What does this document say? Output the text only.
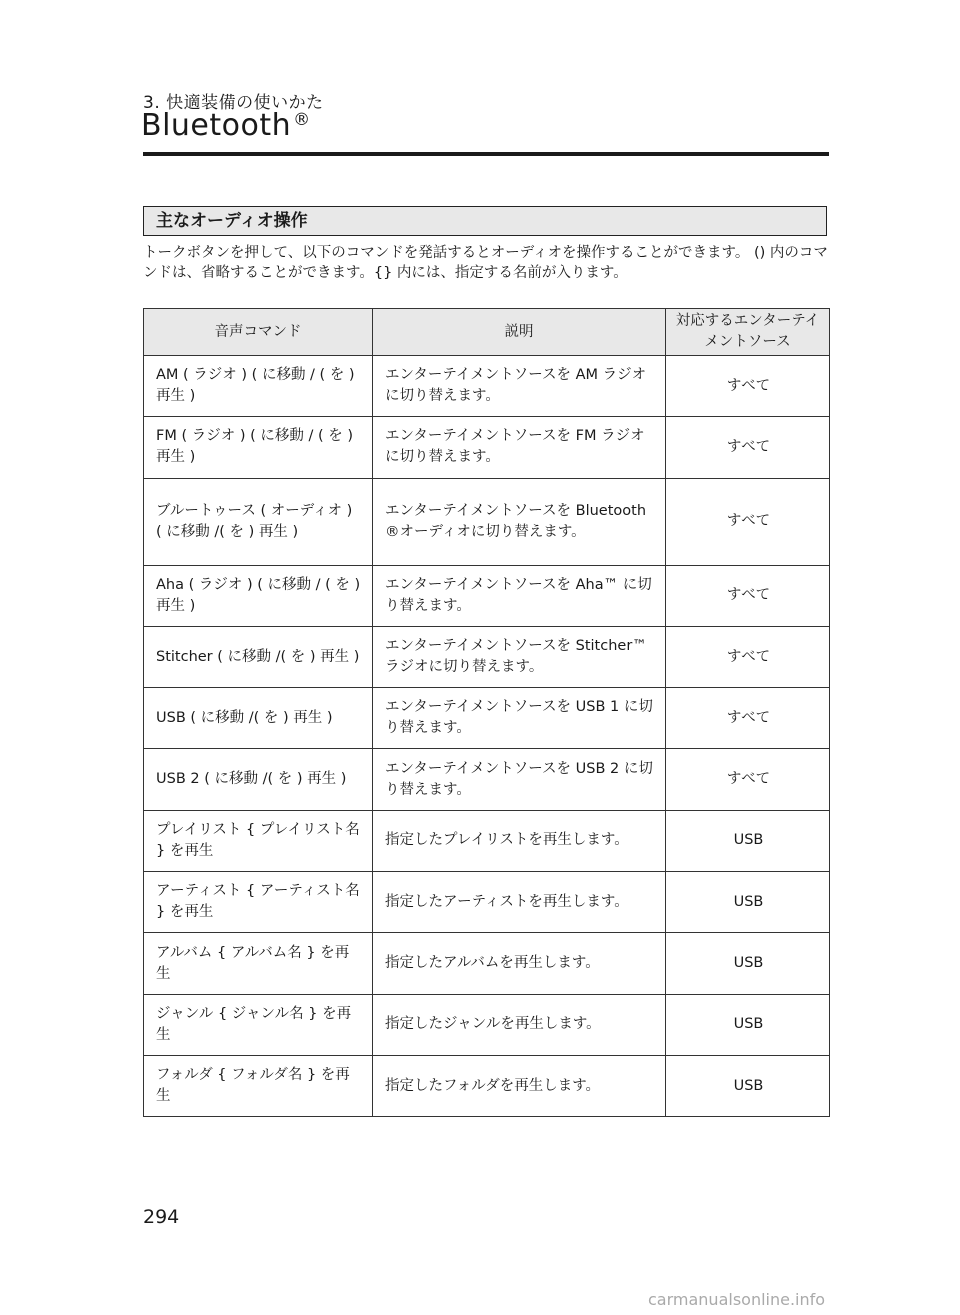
3. 快適装備の使いかた
Bluetooth ®
主なオーディオ操作
トークボタンを押して、以下のコマンドを発話するとオーディオを操作することができます。 () 内のコマンドは、省略することができます。{} 内には、指定する名前が入ります。
音声コマンド	説明	対応するエンターテイメントソース
AM ( ラジオ ) ( に移動 / ( を ) 再生 )	エンターテイメントソースを AM ラジオに切り替えます。	すべて
FM ( ラジオ ) ( に移動 / ( を ) 再生 )	エンターテイメントソースを FM ラジオに切り替えます。	すべて
ブルートゥース ( オーディオ ) ( に移動 /( を ) 再生 )	エンターテイメントソースを Bluetooth®オーディオに切り替えます。	すべて
Aha ( ラジオ ) ( に移動 / ( を ) 再生 )	エンターテイメントソースを Aha™ に切り替えます。	すべて
Stitcher ( に移動 /( を ) 再生 )	エンターテイメントソースを Stitcher™ ラジオに切り替えます。	すべて
USB ( に移動 /( を ) 再生 )	エンターテイメントソースを USB 1 に切り替えます。	すべて
USB 2 ( に移動 /( を ) 再生 )	エンターテイメントソースを USB 2 に切り替えます。	すべて
プレイリスト { プレイリスト名 } を再生	指定したプレイリストを再生します。	USB
アーティスト { アーティスト名 } を再生	指定したアーティストを再生します。	USB
アルバム { アルバム名 } を再生	指定したアルバムを再生します。	USB
ジャンル { ジャンル名 } を再生	指定したジャンルを再生します。	USB
フォルダ { フォルダ名 } を再生	指定したフォルダを再生します。	USB
294
carmanualsonline.info
